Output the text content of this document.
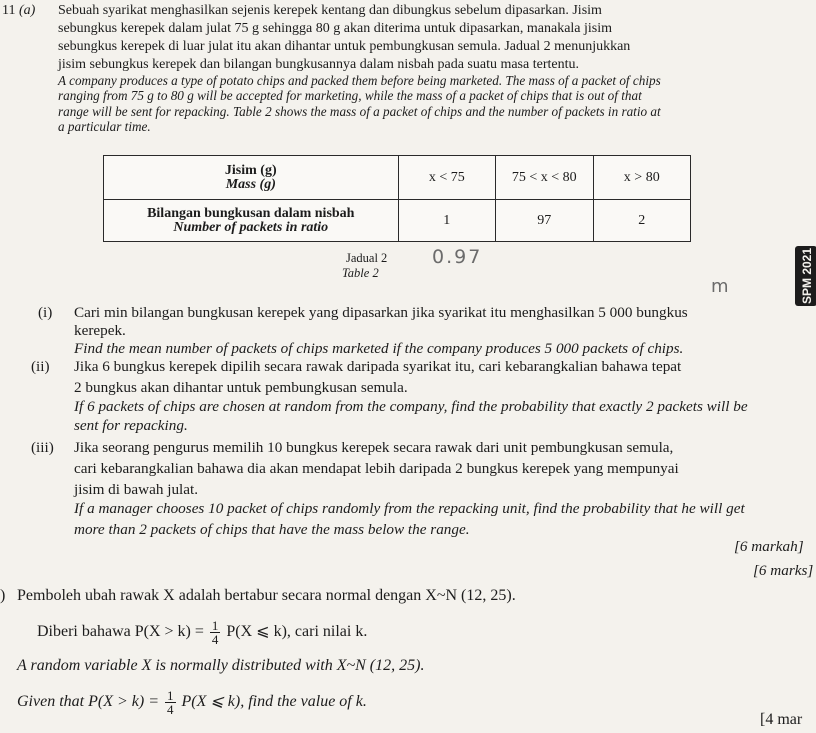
11 (a) Sebuah syarikat menghasilkan sejenis kerepek kentang dan dibungkus sebelum dipasarkan. Jisim
sebungkus kerepek dalam julat 75 g sehingga 80 g akan diterima untuk dipasarkan, manakala jisim
sebungkus kerepek di luar julat itu akan dihantar untuk pembungkusan semula. Jadual 2 menunjukkan
jisim sebungkus kerepek dan bilangan bungkusannya dalam nisbah pada suatu masa tertentu.
A company produces a type of potato chips and packed them before being marketed. The mass of a packet of chips
ranging from 75 g to 80 g will be accepted for marketing, while the mass of a packet of chips that is out of that
range will be sent for repacking. Table 2 shows the mass of a packet of chips and the number of packets in ratio at
a particular time.
Jisim (g)
Mass (g)	x < 75	75 < x < 80	x > 80

Bilangan bungkusan dalam nisbah
Number of packets in ratio	1	97	2
Jadual 2
Table 2
0.97
m	SPM 2021
(i) Cari min bilangan bungkusan kerepek yang dipasarkan jika syarikat itu menghasilkan 5 000 bungkus
kerepek.
Find the mean number of packets of chips marketed if the company produces 5 000 packets of chips.
(ii) Jika 6 bungkus kerepek dipilih secara rawak daripada syarikat itu, cari kebarangkalian bahawa tepat
2 bungkus akan dihantar untuk pembungkusan semula.
If 6 packets of chips are chosen at random from the company, find the probability that exactly 2 packets will be
sent for repacking.
(iii) Jika seorang pengurus memilih 10 bungkus kerepek secara rawak dari unit pembungkusan semula,
cari kebarangkalian bahawa dia akan mendapat lebih daripada 2 bungkus kerepek yang mempunyai
jisim di bawah julat.
If a manager chooses 10 packet of chips randomly from the repacking unit, find the probability that he will get
more than 2 packets of chips that have the mass below the range.
[6 markah]
[6 marks]
) Pemboleh ubah rawak X adalah bertabur secara normal dengan X~N (12, 25).
Diberi bahawa $P(X > k) = \frac{1}{4} P(X$ ⩽ k), cari nilai k.
A random variable X is normally distributed with X~N (12, 25).
Given that $P(X > k) = \frac{1}{4} P(X$ ⩽ k), find the value of k.
[4 mar
